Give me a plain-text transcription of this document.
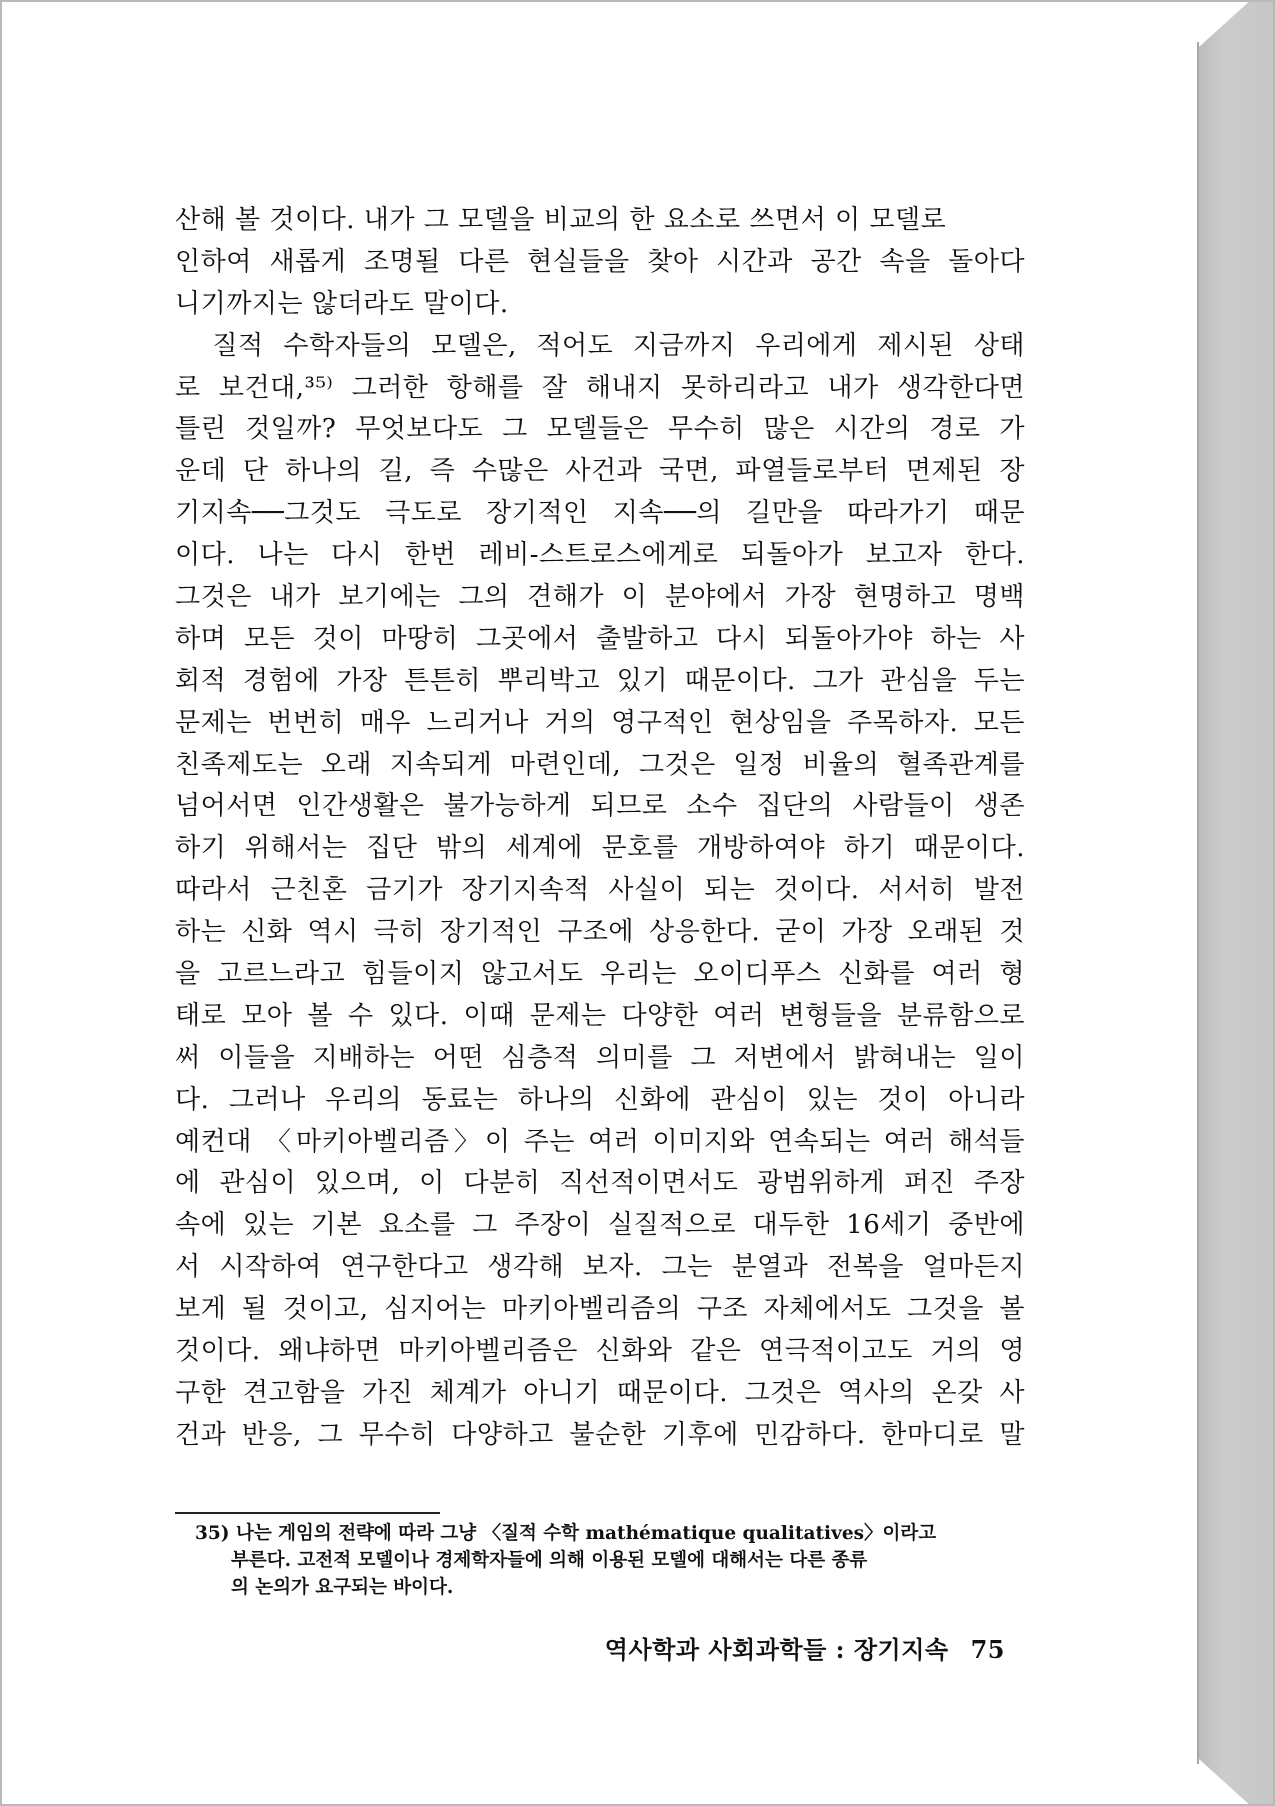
산해 볼 것이다. 내가 그 모델을 비교의 한 요소로 쓰면서 이 모델로
인하여 새롭게 조명될 다른 현실들을 찾아 시간과 공간 속을 돌아다
니기까지는 않더라도 말이다.
　질적 수학자들의 모델은, 적어도 지금까지 우리에게 제시된 상태
로 보건대,³⁵⁾ 그러한 항해를 잘 해내지 못하리라고 내가 생각한다면
틀린 것일까? 무엇보다도 그 모델들은 무수히 많은 시간의 경로 가
운데 단 하나의 길, 즉 수많은 사건과 국면, 파열들로부터 면제된 장
기지속──그것도 극도로 장기적인 지속──의 길만을 따라가기 때문
이다. 나는 다시 한번 레비-스트로스에게로 되돌아가 보고자 한다.
그것은 내가 보기에는 그의 견해가 이 분야에서 가장 현명하고 명백
하며 모든 것이 마땅히 그곳에서 출발하고 다시 되돌아가야 하는 사
회적 경험에 가장 튼튼히 뿌리박고 있기 때문이다. 그가 관심을 두는
문제는 번번히 매우 느리거나 거의 영구적인 현상임을 주목하자. 모든
친족제도는 오래 지속되게 마련인데, 그것은 일정 비율의 혈족관계를
넘어서면 인간생활은 불가능하게 되므로 소수 집단의 사람들이 생존
하기 위해서는 집단 밖의 세계에 문호를 개방하여야 하기 때문이다.
따라서 근친혼 금기가 장기지속적 사실이 되는 것이다. 서서히 발전
하는 신화 역시 극히 장기적인 구조에 상응한다. 굳이 가장 오래된 것
을 고르느라고 힘들이지 않고서도 우리는 오이디푸스 신화를 여러 형
태로 모아 볼 수 있다. 이때 문제는 다양한 여러 변형들을 분류함으로
써 이들을 지배하는 어떤 심층적 의미를 그 저변에서 밝혀내는 일이
다. 그러나 우리의 동료는 하나의 신화에 관심이 있는 것이 아니라
예컨대 〈마키아벨리즘〉이 주는 여러 이미지와 연속되는 여러 해석들
에 관심이 있으며, 이 다분히 직선적이면서도 광범위하게 퍼진 주장
속에 있는 기본 요소를 그 주장이 실질적으로 대두한 16세기 중반에
서 시작하여 연구한다고 생각해 보자. 그는 분열과 전복을 얼마든지
보게 될 것이고, 심지어는 마키아벨리즘의 구조 자체에서도 그것을 볼
것이다. 왜냐하면 마키아벨리즘은 신화와 같은 연극적이고도 거의 영
구한 견고함을 가진 체계가 아니기 때문이다. 그것은 역사의 온갖 사
건과 반응, 그 무수히 다양하고 불순한 기후에 민감하다. 한마디로 말
35) 나는 게임의 전략에 따라 그냥 〈질적 수학 mathématique qualitatives〉이라고
부른다. 고전적 모델이나 경제학자들에 의해 이용된 모델에 대해서는 다른 종류
의 논의가 요구되는 바이다.
역사학과 사회과학들 : 장기지속 75
